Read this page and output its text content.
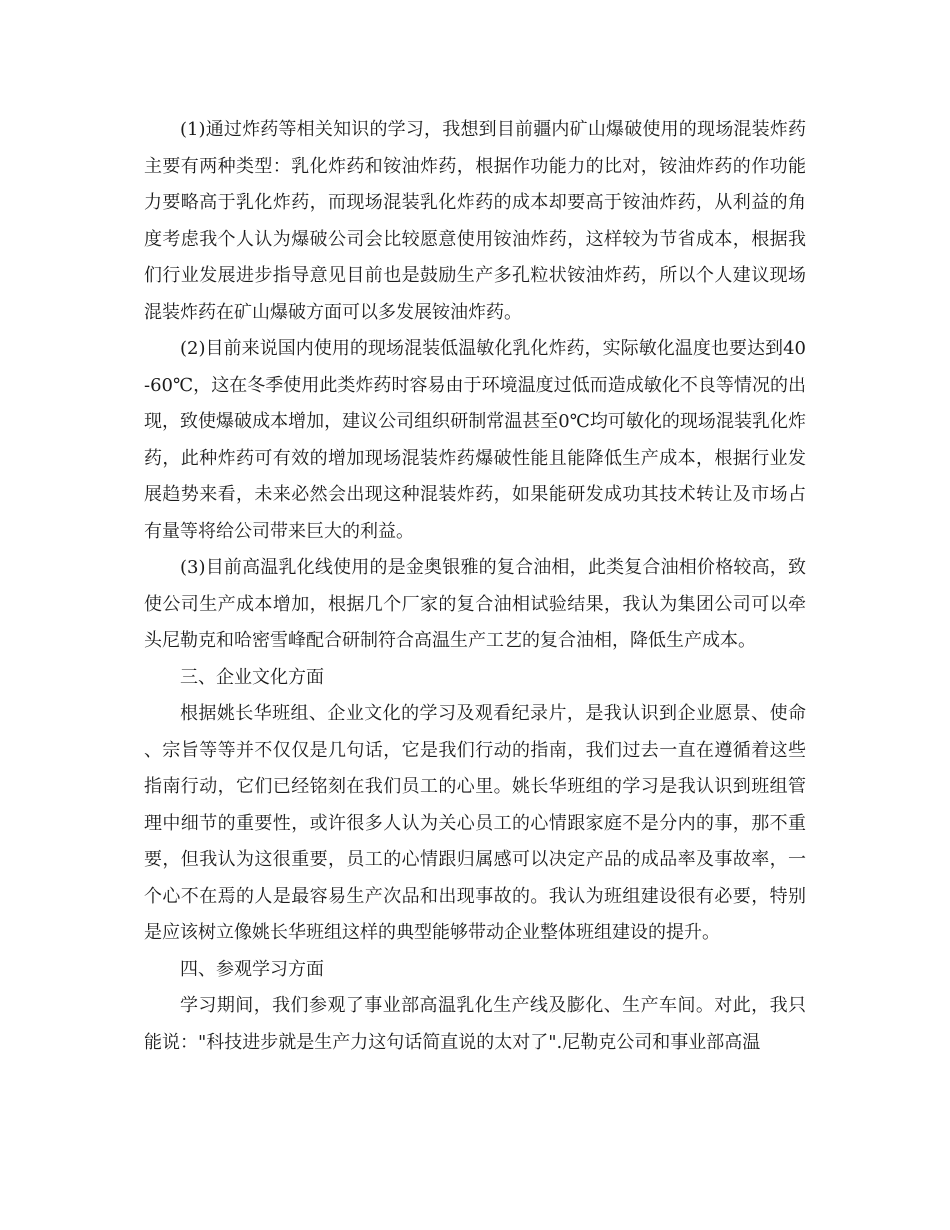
(1)通过炸药等相关知识的学习，我想到目前疆内矿山爆破使用的现场混装炸药主要有两种类型：乳化炸药和铵油炸药，根据作功能力的比对，铵油炸药的作功能力要略高于乳化炸药，而现场混装乳化炸药的成本却要高于铵油炸药，从利益的角度考虑我个人认为爆破公司会比较愿意使用铵油炸药，这样较为节省成本，根据我们行业发展进步指导意见目前也是鼓励生产多孔粒状铵油炸药，所以个人建议现场混装炸药在矿山爆破方面可以多发展铵油炸药。

(2)目前来说国内使用的现场混装低温敏化乳化炸药，实际敏化温度也要达到40-60℃，这在冬季使用此类炸药时容易由于环境温度过低而造成敏化不良等情况的出现，致使爆破成本增加，建议公司组织研制常温甚至0℃均可敏化的现场混装乳化炸药，此种炸药可有效的增加现场混装炸药爆破性能且能降低生产成本，根据行业发展趋势来看，未来必然会出现这种混装炸药，如果能研发成功其技术转让及市场占有量等将给公司带来巨大的利益。

(3)目前高温乳化线使用的是金奥银雅的复合油相，此类复合油相价格较高，致使公司生产成本增加，根据几个厂家的复合油相试验结果，我认为集团公司可以牵头尼勒克和哈密雪峰配合研制符合高温生产工艺的复合油相，降低生产成本。

三、企业文化方面

根据姚长华班组、企业文化的学习及观看纪录片，是我认识到企业愿景、使命、宗旨等等并不仅仅是几句话，它是我们行动的指南，我们过去一直在遵循着这些指南行动，它们已经铭刻在我们员工的心里。姚长华班组的学习是我认识到班组管理中细节的重要性，或许很多人认为关心员工的心情跟家庭不是分内的事，那不重要，但我认为这很重要，员工的心情跟归属感可以决定产品的成品率及事故率，一个心不在焉的人是最容易生产次品和出现事故的。我认为班组建设很有必要，特别是应该树立像姚长华班组这样的典型能够带动企业整体班组建设的提升。

四、参观学习方面

学习期间，我们参观了事业部高温乳化生产线及膨化、生产车间。对此，我只能说："科技进步就是生产力这句话简直说的太对了".尼勒克公司和事业部高温
